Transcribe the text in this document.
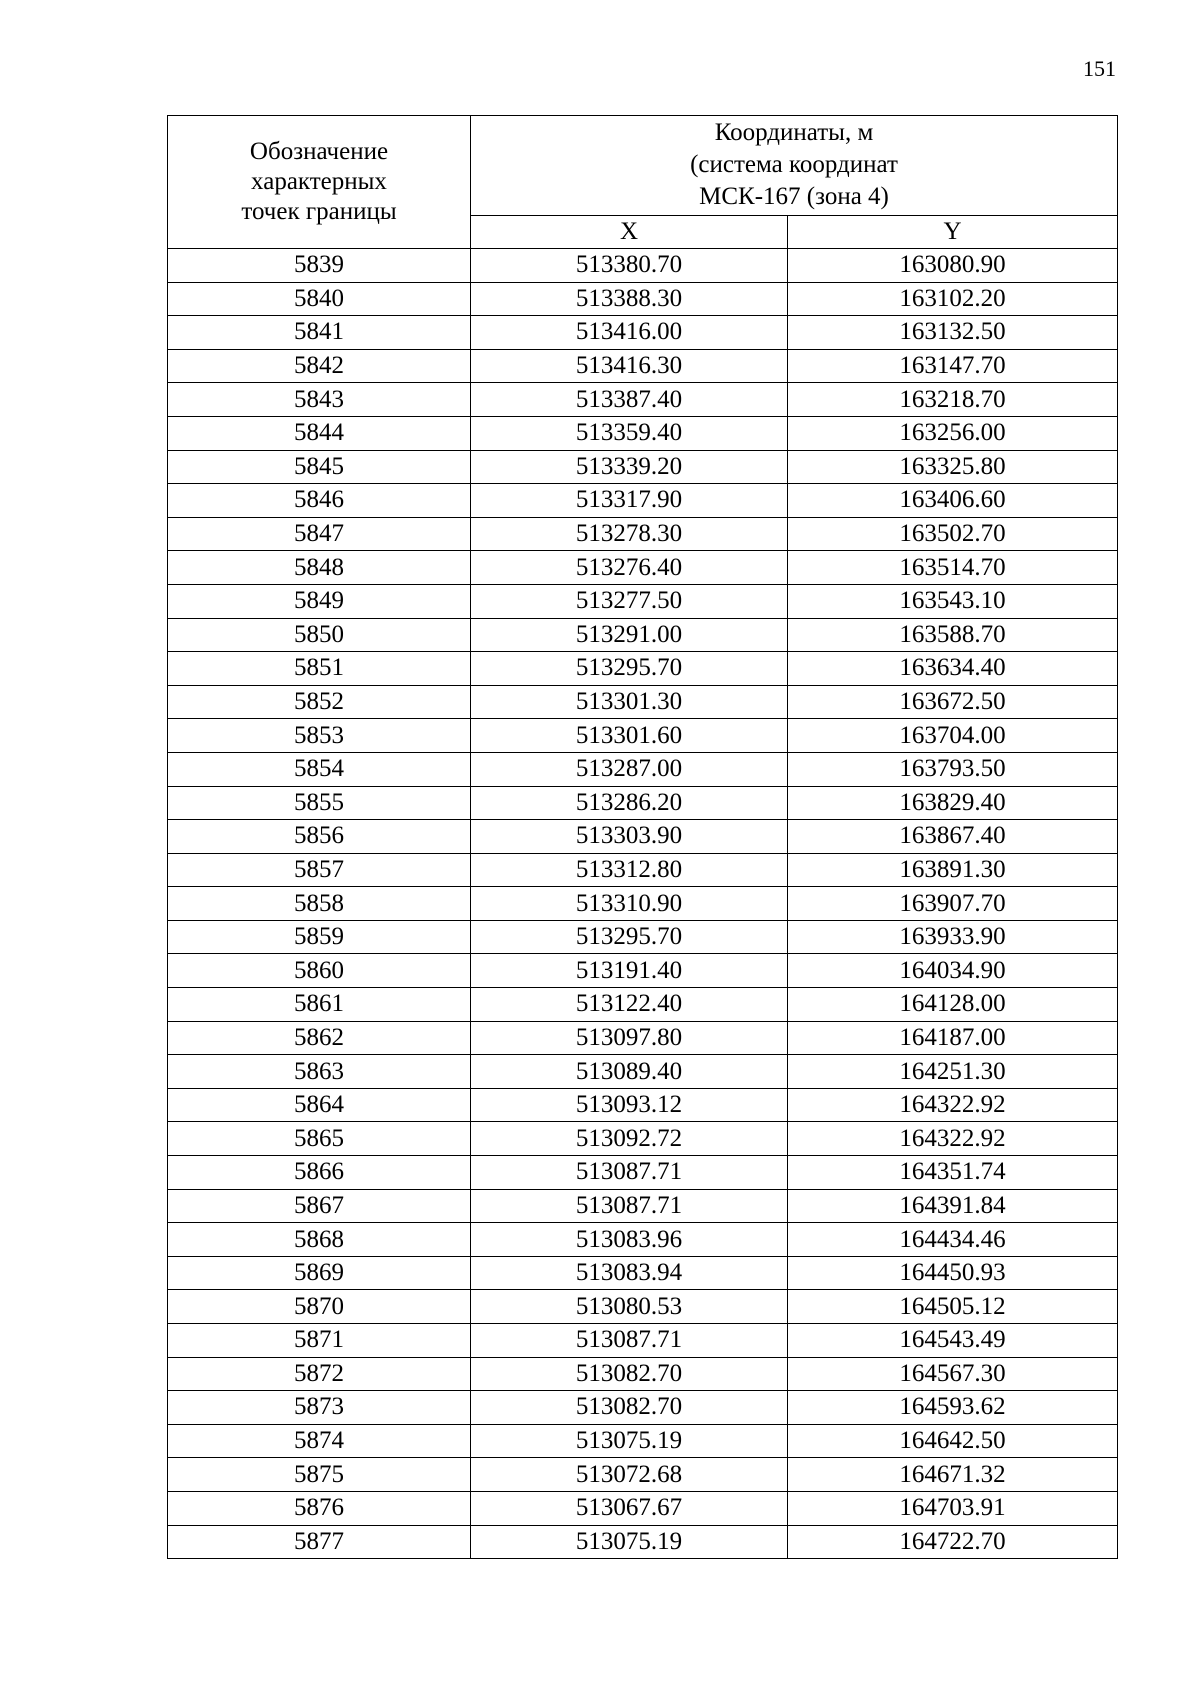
151
Обозначение
характерных
точек границы	Координаты, м
(система координат
МСК-167 (зона 4)	

	X	Y
5839	513380.70	163080.90
5840	513388.30	163102.20
5841	513416.00	163132.50
5842	513416.30	163147.70
5843	513387.40	163218.70
5844	513359.40	163256.00
5845	513339.20	163325.80
5846	513317.90	163406.60
5847	513278.30	163502.70
5848	513276.40	163514.70
5849	513277.50	163543.10
5850	513291.00	163588.70
5851	513295.70	163634.40
5852	513301.30	163672.50
5853	513301.60	163704.00
5854	513287.00	163793.50
5855	513286.20	163829.40
5856	513303.90	163867.40
5857	513312.80	163891.30
5858	513310.90	163907.70
5859	513295.70	163933.90
5860	513191.40	164034.90
5861	513122.40	164128.00
5862	513097.80	164187.00
5863	513089.40	164251.30
5864	513093.12	164322.92
5865	513092.72	164322.92
5866	513087.71	164351.74
5867	513087.71	164391.84
5868	513083.96	164434.46
5869	513083.94	164450.93
5870	513080.53	164505.12
5871	513087.71	164543.49
5872	513082.70	164567.30
5873	513082.70	164593.62
5874	513075.19	164642.50
5875	513072.68	164671.32
5876	513067.67	164703.91
5877	513075.19	164722.70
